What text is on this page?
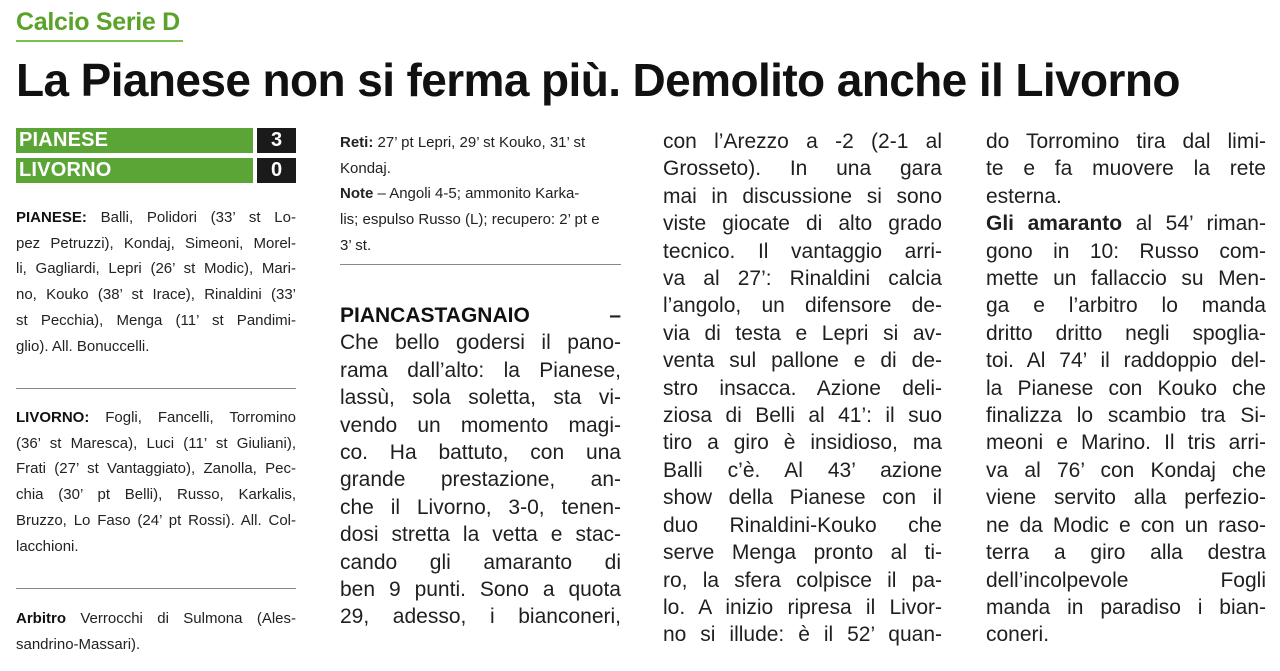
Calcio Serie D
La Pianese non si ferma più. Demolito anche il Livorno
PIANESE	3
LIVORNO	0
PIANESE: Balli, Polidori (33’ st Lo-
pez Petruzzi), Kondaj, Simeoni, Morel-
li, Gagliardi, Lepri (26’ st Modic), Mari-
no, Kouko (38’ st Irace), Rinaldini (33’
st Pecchia), Menga (11’ st Pandimi-
glio). All. Bonuccelli.
LIVORNO: Fogli, Fancelli, Torromino
(36’ st Maresca), Luci (11’ st Giuliani),
Frati (27’ st Vantaggiato), Zanolla, Pec-
chia (30’ pt Belli), Russo, Karkalis,
Bruzzo, Lo Faso (24’ pt Rossi). All. Col-
lacchioni.
Arbitro Verrocchi di Sulmona (Ales-
sandrino-Massari).
Reti: 27’ pt Lepri, 29’ st Kouko, 31’ st
Kondaj.
Note – Angoli 4-5; ammonito Karka-
lis; espulso Russo (L); recupero: 2’ pt e
3’ st.
PIANCASTAGNAIO	–
Che bello godersi il pano-
rama dall’alto: la Pianese,
lassù, sola soletta, sta vi-
vendo un momento magi-
co. Ha battuto, con una
grande prestazione, an-
che il Livorno, 3-0, tenen-
dosi stretta la vetta e stac-
cando gli amaranto di
ben 9 punti. Sono a quota
29, adesso, i bianconeri,
con l’Arezzo a -2 (2-1 al
Grosseto). In una gara
mai in discussione si sono
viste giocate di alto grado
tecnico. Il vantaggio arri-
va al 27’: Rinaldini calcia
l’angolo, un difensore de-
via di testa e Lepri si av-
venta sul pallone e di de-
stro insacca. Azione deli-
ziosa di Belli al 41’: il suo
tiro a giro è insidioso, ma
Balli c’è. Al 43’ azione
show della Pianese con il
duo Rinaldini-Kouko che
serve Menga pronto al ti-
ro, la sfera colpisce il pa-
lo. A inizio ripresa il Livor-
no si illude: è il 52’ quan-
do Torromino tira dal limi-
te e fa muovere la rete
esterna.
Gli amaranto al 54’ riman-
gono in 10: Russo com-
mette un fallaccio su Men-
ga e l’arbitro lo manda
dritto dritto negli spoglia-
toi. Al 74’ il raddoppio del-
la Pianese con Kouko che
finalizza lo scambio tra Si-
meoni e Marino. Il tris arri-
va al 76’ con Kondaj che
viene servito alla perfezio-
ne da Modic e con un raso-
terra a giro alla destra
dell’incolpevole Fogli
manda in paradiso i bian-
coneri.
